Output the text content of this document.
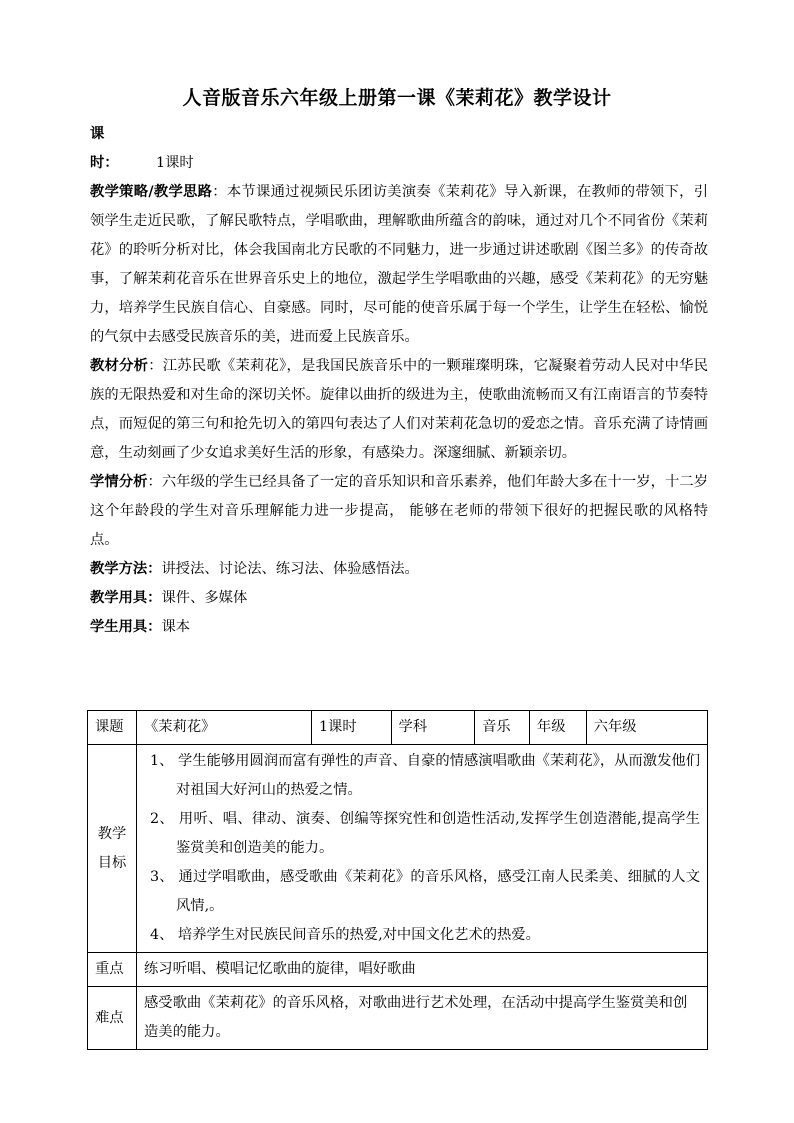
人音版音乐六年级上册第一课《茉莉花》教学设计

课时：	1课时

教学策略/教学思路：本节课通过视频民乐团访美演奏《茉莉花》导入新课，在教师的带领下，引领学生走近民歌，了解民歌特点，学唱歌曲，理解歌曲所蕴含的韵味，通过对几个不同省份《茉莉花》的聆听分析对比，体会我国南北方民歌的不同魅力，进一步通过讲述歌剧《图兰多》的传奇故事，了解茉莉花音乐在世界音乐史上的地位，激起学生学唱歌曲的兴趣，感受《茉莉花》的无穷魅力，培养学生民族自信心、自豪感。同时，尽可能的使音乐属于每一个学生，让学生在轻松、愉悦的气氛中去感受民族音乐的美，进而爱上民族音乐。

教材分析：江苏民歌《茉莉花》，是我国民族音乐中的一颗璀璨明珠，它凝聚着劳动人民对中华民族的无限热爱和对生命的深切关怀。旋律以曲折的级进为主，使歌曲流畅而又有江南语言的节奏特点，而短促的第三句和抢先切入的第四句表达了人们对茉莉花急切的爱恋之情。音乐充满了诗情画意，生动刻画了少女追求美好生活的形象，有感染力。深邃细腻、新颖亲切。

学情分析：六年级的学生已经具备了一定的音乐知识和音乐素养，他们年龄大多在十一岁，十二岁这个年龄段的学生对音乐理解能力进一步提高， 能够在老师的带领下很好的把握民歌的风格特点。

教学方法：讲授法、讨论法、练习法、体验感悟法。

教学用具：课件、多媒体

学生用具：课本

课题	《茉莉花》	1课时	学科	音乐	年级	六年级

教学目标	1、 学生能够用圆润而富有弹性的声音、自豪的情感演唱歌曲《茉莉花》，从而激发他们对祖国大好河山的热爱之情。

2、 用听、唱、律动、演奏、创编等探究性和创造性活动,发挥学生创造潜能,提高学生鉴赏美和创造美的能力。

3、 通过学唱歌曲，感受歌曲《茉莉花》的音乐风格，感受江南人民柔美、细腻的人文风情,。

4、 培养学生对民族民间音乐的热爱,对中国文化艺术的热爱。					

重点	练习听唱、模唱记忆歌曲的旋律，唱好歌曲					
难点	感受歌曲《茉莉花》的音乐风格，对歌曲进行艺术处理，在活动中提高学生鉴赏美和创造美的能力。					
